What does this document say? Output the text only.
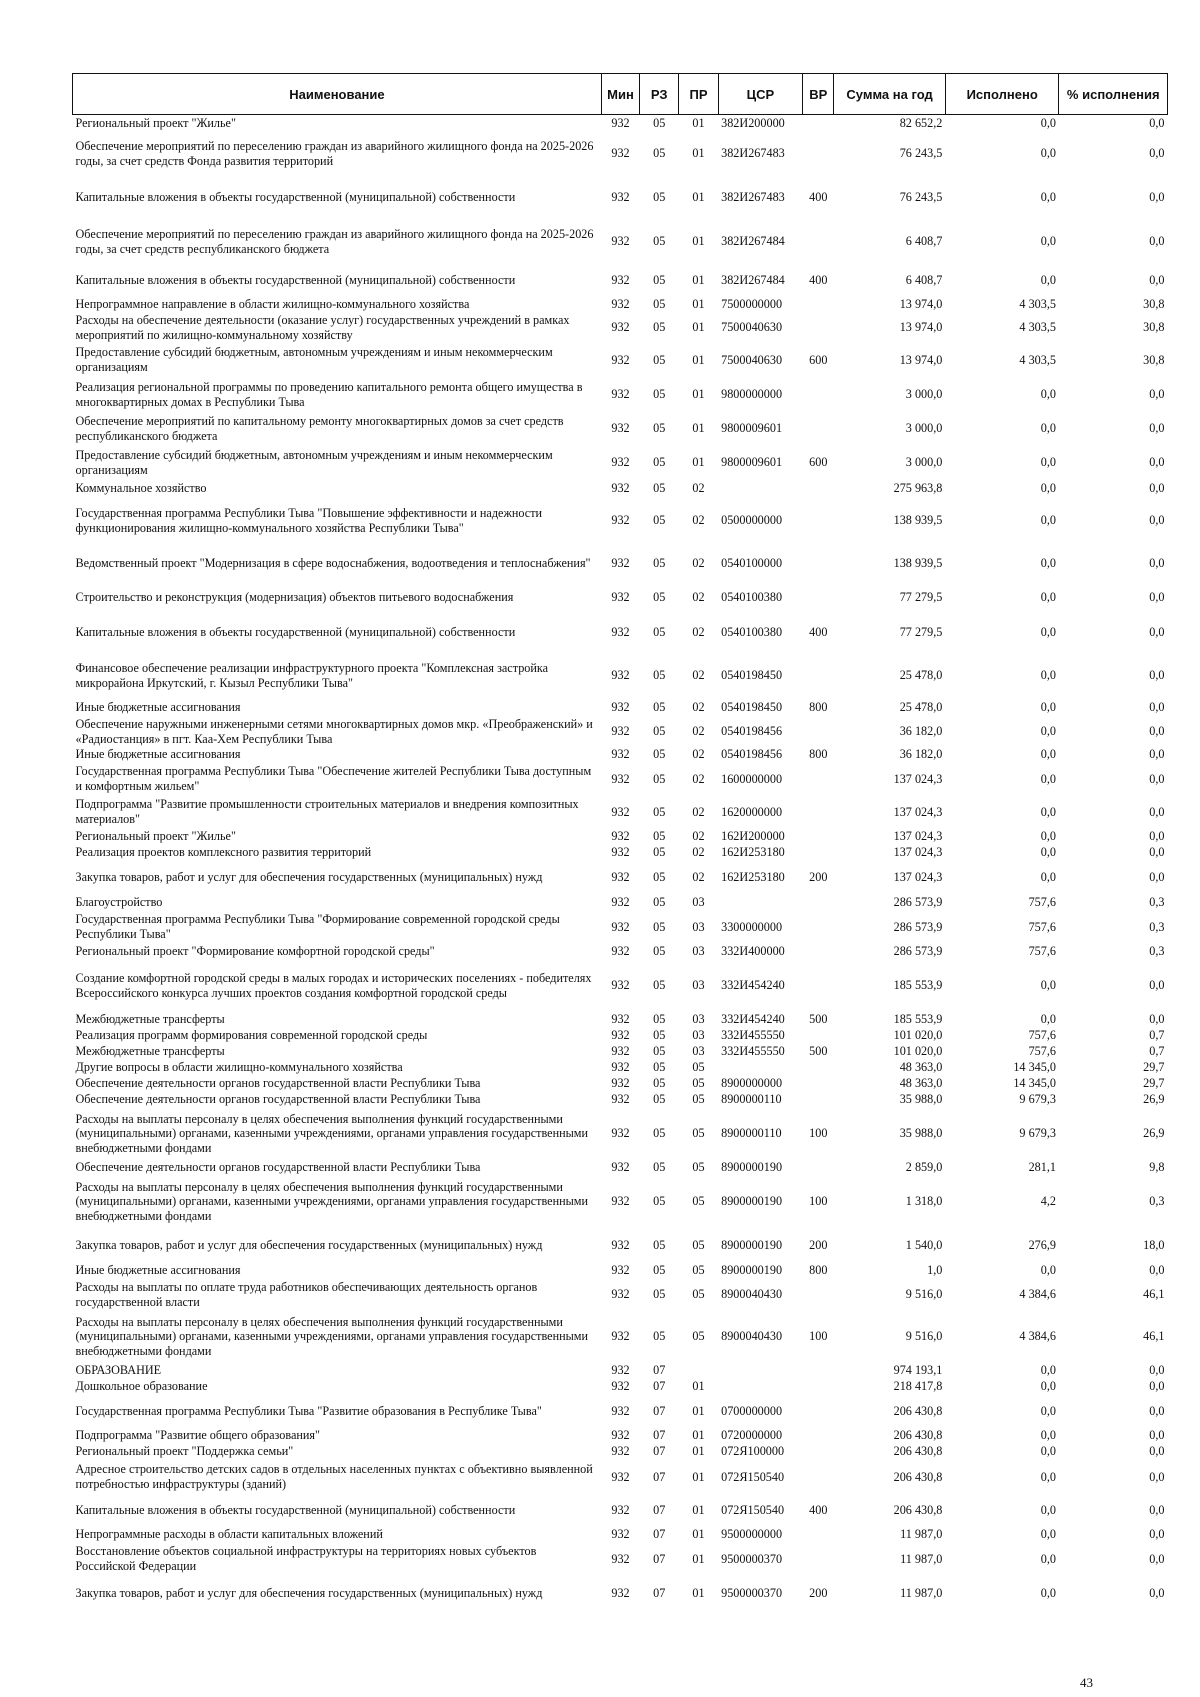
Наименование	Мин	РЗ	ПР	ЦСР	ВР	Сумма на год	Исполнено	% исполнения
Региональный проект "Жилье"	932	05	01	382И200000		82 652,2	0,0	0,0
Обеспечение мероприятий по переселению граждан из аварийного жилищного фонда на 2025-2026 годы, за счет средств Фонда развития территорий	932	05	01	382И267483		76 243,5	0,0	0,0
Капитальные вложения в объекты государственной (муниципальной) собственности	932	05	01	382И267483	400	76 243,5	0,0	0,0
Обеспечение мероприятий по переселению граждан из аварийного жилищного фонда на 2025-2026 годы, за счет средств республиканского бюджета	932	05	01	382И267484		6 408,7	0,0	0,0
Капитальные вложения в объекты государственной (муниципальной) собственности	932	05	01	382И267484	400	6 408,7	0,0	0,0
Непрограммное направление в области жилищно-коммунального хозяйства	932	05	01	7500000000		13 974,0	4 303,5	30,8
Расходы на обеспечение деятельности (оказание услуг) государственных учреждений в рамках мероприятий по жилищно-коммунальному хозяйству	932	05	01	7500040630		13 974,0	4 303,5	30,8
Предоставление субсидий бюджетным, автономным учреждениям и иным некоммерческим организациям	932	05	01	7500040630	600	13 974,0	4 303,5	30,8
Реализация региональной программы по проведению капитального ремонта общего имущества в многоквартирных домах в Республики Тыва	932	05	01	9800000000		3 000,0	0,0	0,0
Обеспечение мероприятий по капитальному ремонту многоквартирных домов за счет средств республиканского бюджета	932	05	01	9800009601		3 000,0	0,0	0,0
Предоставление субсидий бюджетным, автономным учреждениям и иным некоммерческим организациям	932	05	01	9800009601	600	3 000,0	0,0	0,0
Коммунальное хозяйство	932	05	02			275 963,8	0,0	0,0
Государственная программа Республики Тыва "Повышение эффективности и надежности функционирования жилищно-коммунального хозяйства Республики Тыва"	932	05	02	0500000000		138 939,5	0,0	0,0
Ведомственный проект "Модернизация в сфере водоснабжения, водоотведения и теплоснабжения"	932	05	02	0540100000		138 939,5	0,0	0,0
Строительство и реконструкция (модернизация) объектов питьевого водоснабжения	932	05	02	0540100380		77 279,5	0,0	0,0
Капитальные вложения в объекты государственной (муниципальной) собственности	932	05	02	0540100380	400	77 279,5	0,0	0,0
Финансовое обеспечение реализации инфраструктурного проекта "Комплексная застройка микрорайона Иркутский, г. Кызыл Республики Тыва"	932	05	02	0540198450		25 478,0	0,0	0,0
Иные бюджетные ассигнования	932	05	02	0540198450	800	25 478,0	0,0	0,0
Обеспечение наружными инженерными сетями многоквартирных домов мкр. «Преображенский» и «Радиостанция» в пгт. Каа-Хем Республики Тыва	932	05	02	0540198456		36 182,0	0,0	0,0
Иные бюджетные ассигнования	932	05	02	0540198456	800	36 182,0	0,0	0,0
Государственная программа Республики Тыва "Обеспечение жителей Республики Тыва доступным и комфортным жильем"	932	05	02	1600000000		137 024,3	0,0	0,0
Подпрограмма "Развитие промышленности строительных материалов и внедрения композитных материалов"	932	05	02	1620000000		137 024,3	0,0	0,0
Региональный проект "Жилье"	932	05	02	162И200000		137 024,3	0,0	0,0
Реализация проектов комплексного развития территорий	932	05	02	162И253180		137 024,3	0,0	0,0
Закупка товаров, работ и услуг для обеспечения государственных (муниципальных) нужд	932	05	02	162И253180	200	137 024,3	0,0	0,0
Благоустройство	932	05	03			286 573,9	757,6	0,3
Государственная программа Республики Тыва "Формирование современной городской среды Республики Тыва"	932	05	03	3300000000		286 573,9	757,6	0,3
Региональный проект "Формирование комфортной городской среды"	932	05	03	332И400000		286 573,9	757,6	0,3
Создание комфортной городской среды в малых городах и исторических поселениях - победителях Всероссийского конкурса лучших проектов создания комфортной городской среды	932	05	03	332И454240		185 553,9	0,0	0,0
Межбюджетные трансферты	932	05	03	332И454240	500	185 553,9	0,0	0,0
Реализация программ формирования современной городской среды	932	05	03	332И455550		101 020,0	757,6	0,7
Межбюджетные трансферты	932	05	03	332И455550	500	101 020,0	757,6	0,7
Другие вопросы в области жилищно-коммунального хозяйства	932	05	05			48 363,0	14 345,0	29,7
Обеспечение деятельности органов государственной власти Республики Тыва	932	05	05	8900000000		48 363,0	14 345,0	29,7
Обеспечение деятельности органов государственной власти Республики Тыва	932	05	05	8900000110		35 988,0	9 679,3	26,9
Расходы на выплаты персоналу в целях обеспечения выполнения функций государственными (муниципальными) органами, казенными учреждениями, органами управления государственными внебюджетными фондами	932	05	05	8900000110	100	35 988,0	9 679,3	26,9
Обеспечение деятельности органов государственной власти Республики Тыва	932	05	05	8900000190		2 859,0	281,1	9,8
Расходы на выплаты персоналу в целях обеспечения выполнения функций государственными (муниципальными) органами, казенными учреждениями, органами управления государственными внебюджетными фондами	932	05	05	8900000190	100	1 318,0	4,2	0,3
Закупка товаров, работ и услуг для обеспечения государственных (муниципальных) нужд	932	05	05	8900000190	200	1 540,0	276,9	18,0
Иные бюджетные ассигнования	932	05	05	8900000190	800	1,0	0,0	0,0
Расходы на выплаты по оплате труда работников обеспечивающих деятельность органов государственной власти	932	05	05	8900040430		9 516,0	4 384,6	46,1
Расходы на выплаты персоналу в целях обеспечения выполнения функций государственными (муниципальными) органами, казенными учреждениями, органами управления государственными внебюджетными фондами	932	05	05	8900040430	100	9 516,0	4 384,6	46,1
ОБРАЗОВАНИЕ	932	07				974 193,1	0,0	0,0
Дошкольное образование	932	07	01			218 417,8	0,0	0,0
Государственная программа Республики Тыва "Развитие образования в Республике Тыва"	932	07	01	0700000000		206 430,8	0,0	0,0
Подпрограмма "Развитие общего образования"	932	07	01	0720000000		206 430,8	0,0	0,0
Региональный проект "Поддержка семьи"	932	07	01	072Я100000		206 430,8	0,0	0,0
Адресное строительство детских садов в отдельных населенных пунктах с объективно выявленной потребностью инфраструктуры (зданий)	932	07	01	072Я150540		206 430,8	0,0	0,0
Капитальные вложения в объекты государственной (муниципальной) собственности	932	07	01	072Я150540	400	206 430,8	0,0	0,0
Непрограммные расходы в области капитальных вложений	932	07	01	9500000000		11 987,0	0,0	0,0
Восстановление объектов социальной инфраструктуры на территориях новых субъектов Российской Федерации	932	07	01	9500000370		11 987,0	0,0	0,0
Закупка товаров, работ и услуг для обеспечения государственных (муниципальных) нужд	932	07	01	9500000370	200	11 987,0	0,0	0,0
43
